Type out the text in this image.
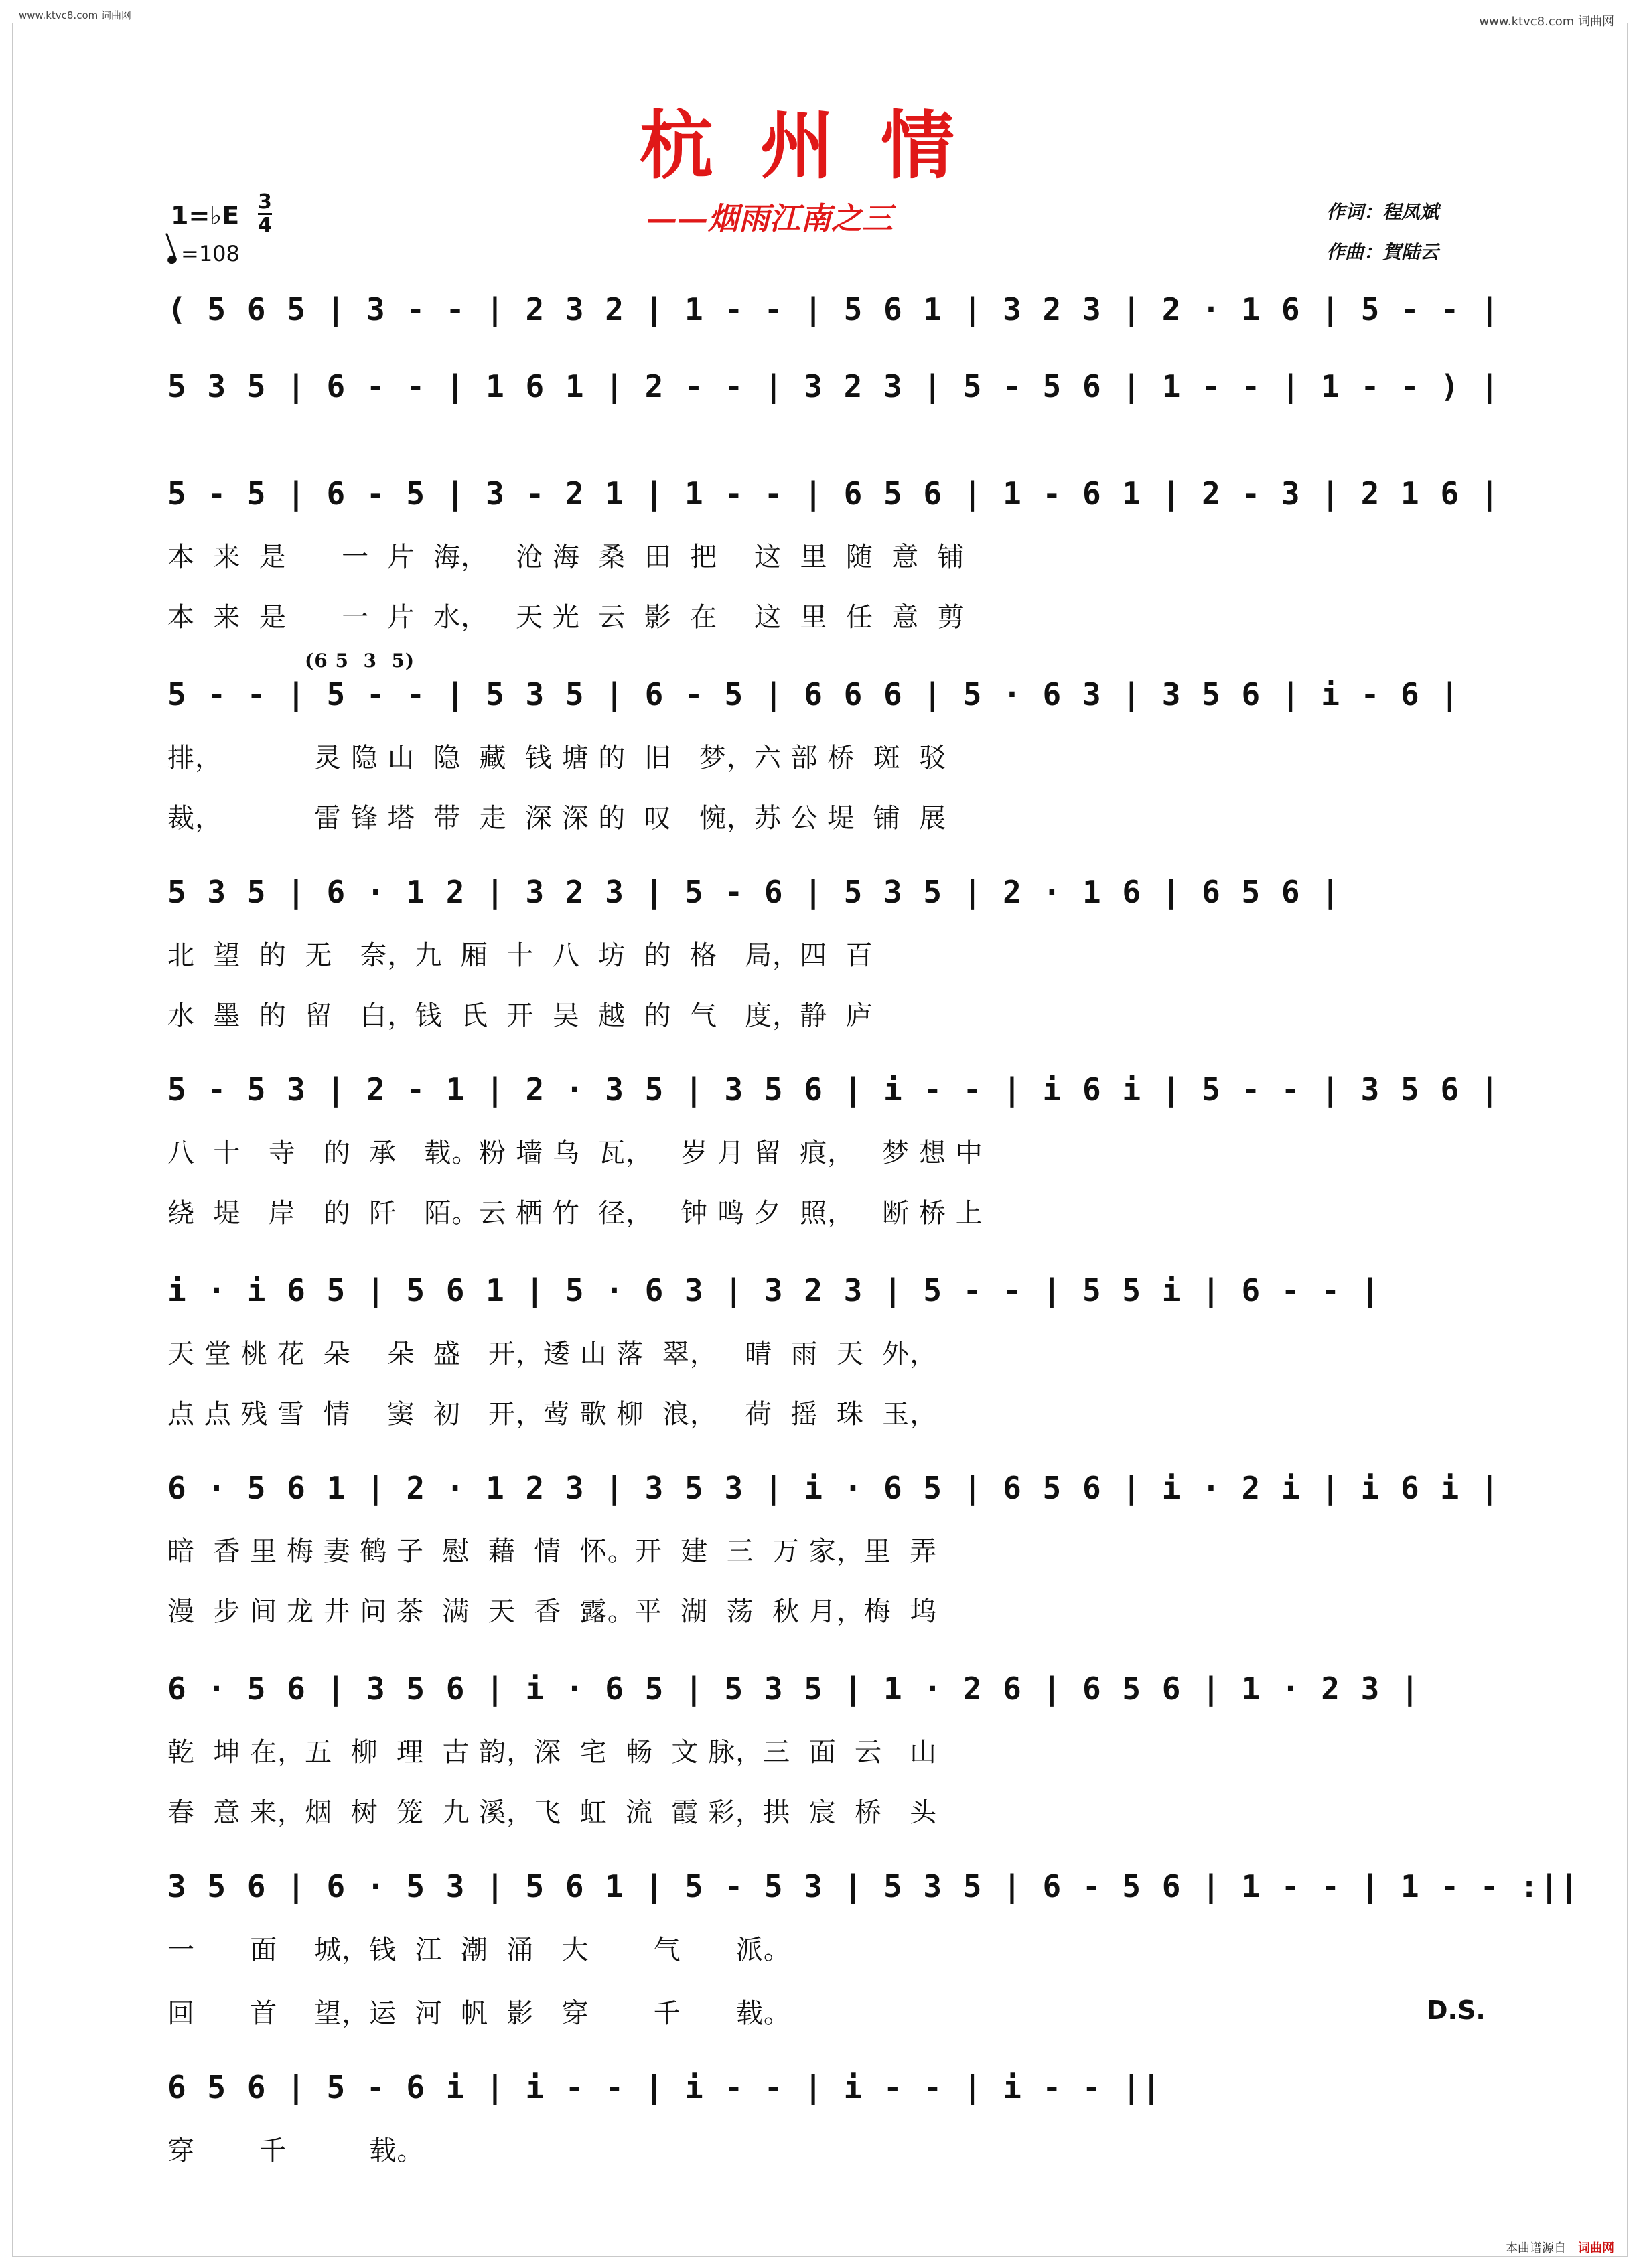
www.ktvc8.com 词曲网	www.ktvc8.com 词曲网
杭州情
——烟雨江南之三	作词：程凤斌
作曲：賀陆云
1=♭E 3
4
=108
( 5 6 5 | 3 - - | 2 3 2 | 1 - - | 5 6 1 | 3 2 3 | 2 · 1 6 | 5 - - |
5 3 5 | 6 - - | 1 6 1 | 2 - - | 3 2 3 | 5 - 5 6 | 1 - - | 1 - - ) |
5 - 5 | 6 - 5 | 3 - 2 1 | 1 - - | 6 5 6 | 1 - 6 1 | 2 - 3 | 2 1 6 |
本  来  是      一  片  海，   沧 海  桑  田  把    这  里  随  意  铺
本  来  是      一  片  水，   天 光  云  影  在    这  里  任  意  剪
(6 5  3  5)
5 - - | 5 - - | 5 3 5 | 6 - 5 | 6 6 6 | 5 · 6 3 | 3 5 6 | i - 6 |
排，          灵 隐 山  隐  藏  钱 塘 的  旧   梦，六 部 桥  斑  驳
裁，          雷 锋 塔  带  走  深 深 的  叹   惋，苏 公 堤  铺  展
5 3 5 | 6 · 1 2 | 3 2 3 | 5 - 6 | 5 3 5 | 2 · 1 6 | 6 5 6 |
北  望  的  无   奈，九  厢  十  八  坊  的  格   局，四  百
水  墨  的  留   白，钱  氏  开  吴  越  的  气   度，静  庐
5 - 5 3 | 2 - 1 | 2 · 3 5 | 3 5 6 | i - - | i 6 i | 5 - - | 3 5 6 |
八  十   寺   的  承   载。粉 墙 乌  瓦，   岁 月 留  痕，   梦 想 中
绕  堤   岸   的  阡   陌。云 栖 竹  径，   钟 鸣 夕  照，   断 桥 上
i · i 6 5 | 5 6 1 | 5 · 6 3 | 3 2 3 | 5 - - | 5 5 i | 6 - - |
天 堂 桃 花  朵    朵  盛   开，逶 山 落  翠，   晴  雨  天  外，
点 点 残 雪  情    窦  初   开，莺 歌 柳  浪，   荷  摇  珠  玉，
6 · 5 6 1 | 2 · 1 2 3 | 3 5 3 | i · 6 5 | 6 5 6 | i · 2 i | i 6 i |
暗  香 里 梅 妻 鹤 子  慰  藉  情  怀。开  建  三  万 家，里  弄
漫  步 间 龙 井 问 茶  满  天  香  露。平  湖  荡  秋 月，梅  坞
6 · 5 6 | 3 5 6 | i · 6 5 | 5 3 5 | 1 · 2 6 | 6 5 6 | 1 · 2 3 |
乾  坤 在，五  柳  理  古 韵，深  宅  畅  文 脉，三  面  云   山
春  意 来，烟  树  笼  九 溪，飞  虹  流  霞 彩，拱  宸  桥   头
3 5 6 | 6 · 5 3 | 5 6 1 | 5 - 5 3 | 5 3 5 | 6 - 5 6 | 1 - - | 1 - - :||
一      面    城，钱  江  潮  涌   大       气      派。
回      首    望，运  河  帆  影   穿       千      载。	D.S.
6 5 6 | 5 - 6 i | i - - | i - - | i - - | i - - ||
穿       千         载。
本曲谱源自 词曲网
